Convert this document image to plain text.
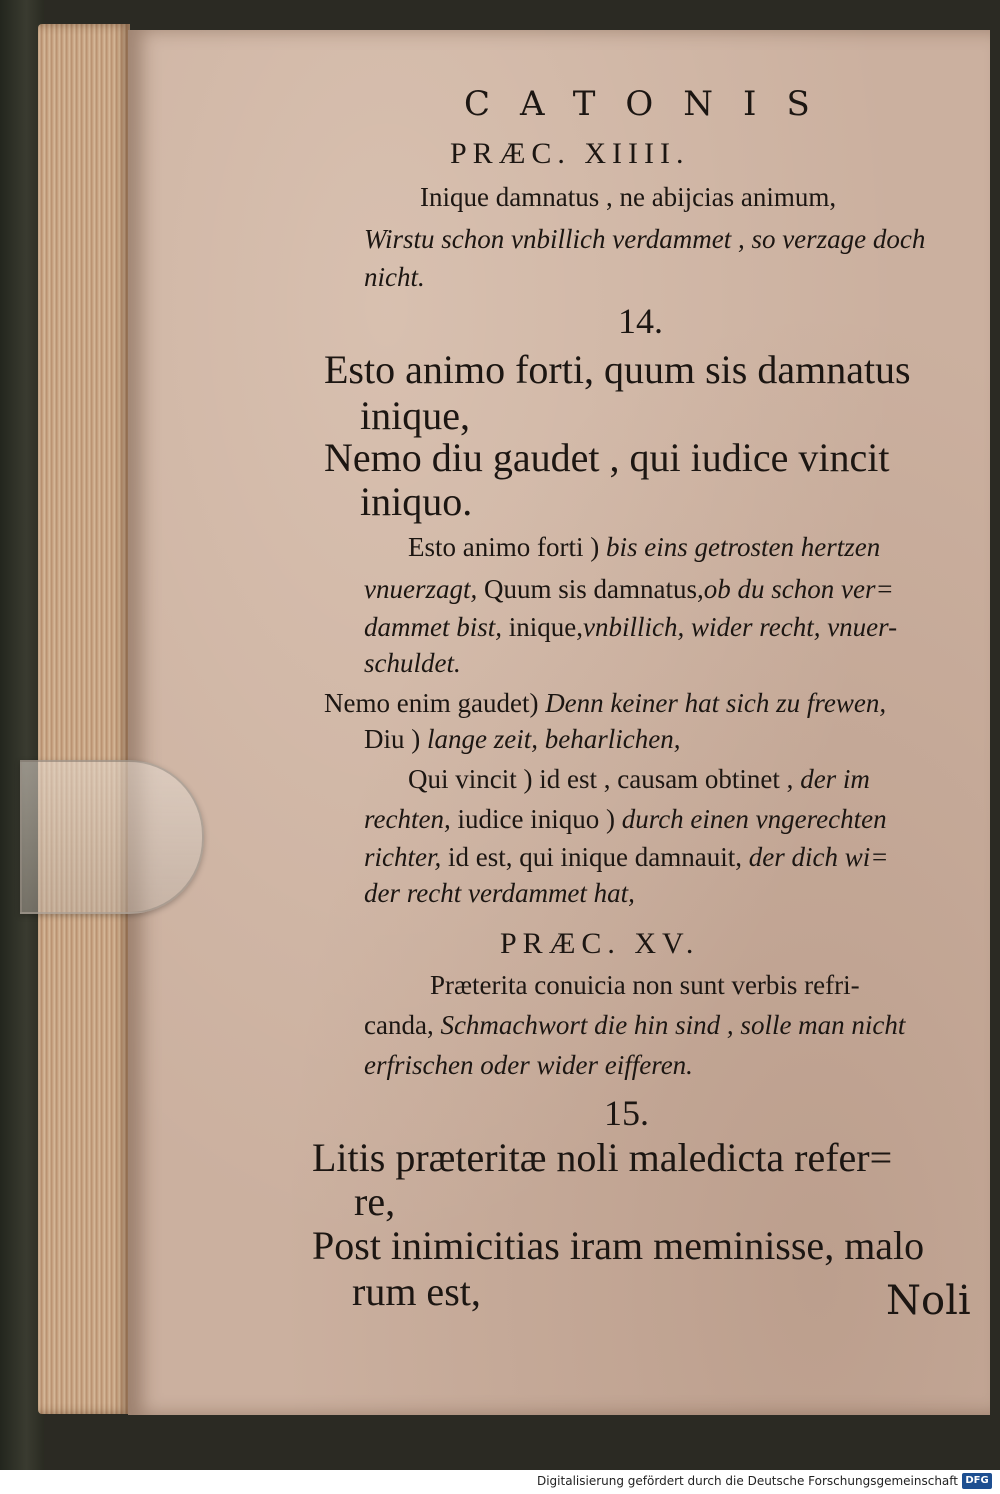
CATONIS
PRÆC. XIIII.
Inique damnatus , ne abijcias animum,
Wirstu schon vnbillich verdammet , so verzage doch
nicht.
14.
Esto animo forti, quum sis damnatus
inique,
Nemo diu gaudet , qui iudice vincit
iniquo.
Esto animo forti ) bis eins getrosten hertzen
vnuerzagt, Quum sis damnatus,ob du schon ver=
dammet bist, inique,vnbillich, wider recht, vnuer-
schuldet.
Nemo enim gaudet) Denn keiner hat sich zu frewen,
Diu ) lange zeit, beharlichen,
Qui vincit ) id est , causam obtinet , der im
rechten, iudice iniquo ) durch einen vngerechten
richter, id est, qui inique damnauit, der dich wi=
der recht verdammet hat,
PRÆC. XV.
Præterita conuicia non sunt verbis refri-
canda, Schmachwort die hin sind , solle man nicht
erfrischen oder wider eifferen.
15.
Litis præteritæ noli maledicta refer=
re,
Post inimicitias iram meminisse, malo
rum est,	Noli
Digitalisierung gefördert durch die Deutsche Forschungsgemeinschaft DFG
